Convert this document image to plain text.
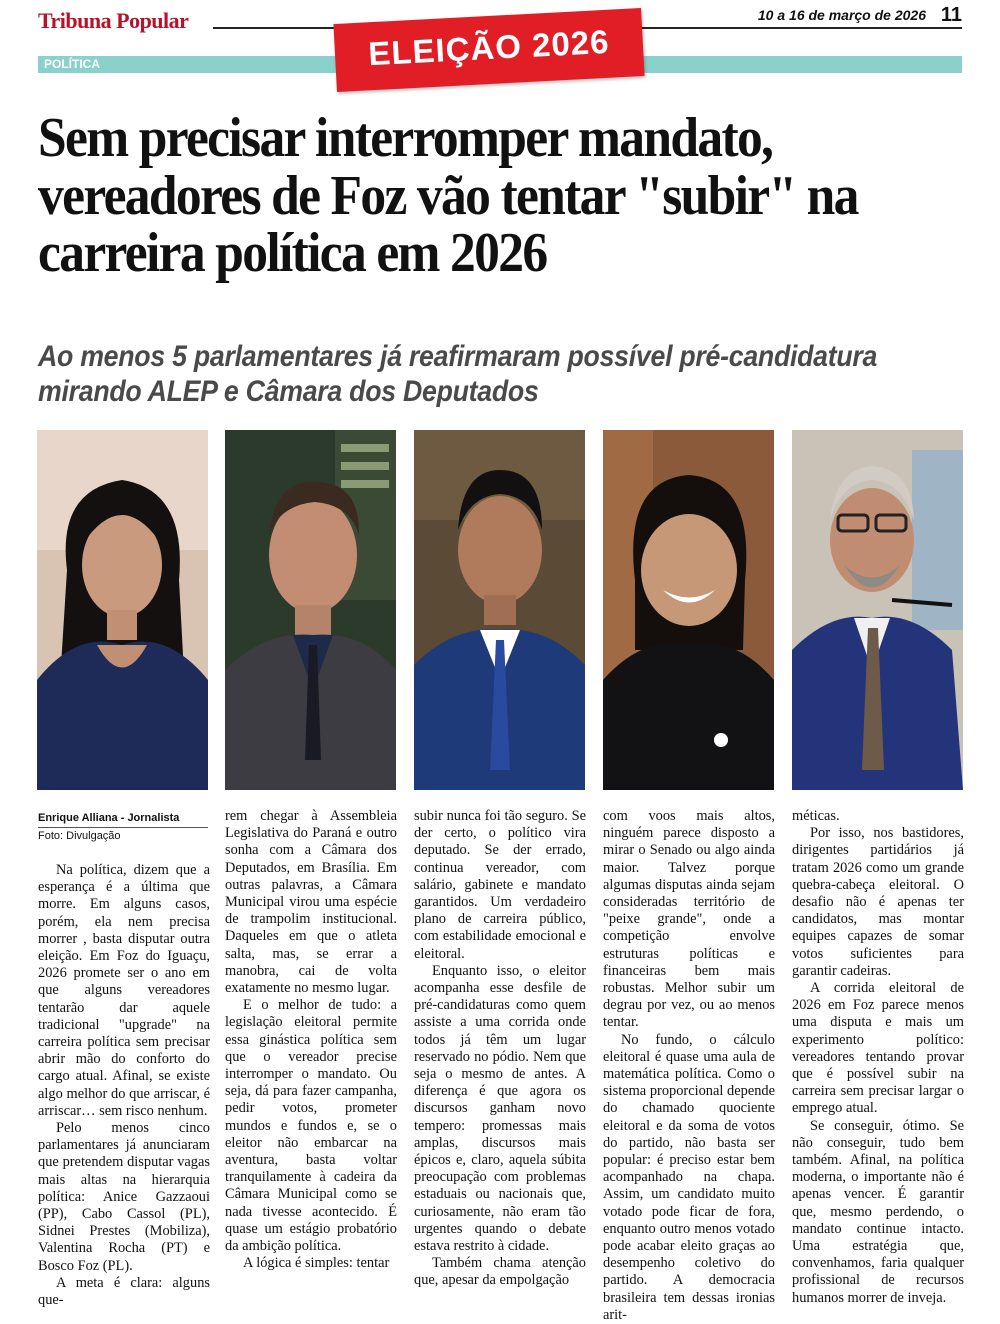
Tribuna Popular	10 a 16 de março de 2026 11
POLÍTICA	ELEIÇÃO 2026
Sem precisar interromper mandato, vereadores de Foz vão tentar "subir" na carreira política em 2026
Ao menos 5 parlamentares já reafirmaram possível pré-candidatura mirando ALEP e Câmara dos Deputados
Enrique Alliana - Jornalista
Foto: Divulgação

Na política, dizem que a esperança é a última que morre. Em alguns casos, porém, ela nem precisa morrer , basta disputar outra eleição. Em Foz do Iguaçu, 2026 promete ser o ano em que alguns vereadores tentarão dar aquele tradicional "upgrade" na carreira política sem precisar abrir mão do conforto do cargo atual. Afinal, se existe algo melhor do que arriscar, é arriscar… sem risco nenhum.

Pelo menos cinco parlamentares já anunciaram que pretendem disputar vagas mais altas na hierarquia política: Anice Gazzaoui (PP), Cabo Cassol (PL), Sidnei Prestes (Mobiliza), Valentina Rocha (PT) e Bosco Foz (PL).

A meta é clara: alguns que-

rem chegar à Assembleia Legislativa do Paraná e outro sonha com a Câmara dos Deputados, em Brasília. Em outras palavras, a Câmara Municipal virou uma espécie de trampolim institucional. Daqueles em que o atleta salta, mas, se errar a manobra, cai de volta exatamente no mesmo lugar.

E o melhor de tudo: a legislação eleitoral permite essa ginástica política sem que o vereador precise interromper o mandato. Ou seja, dá para fazer campanha, pedir votos, prometer mundos e fundos e, se o eleitor não embarcar na aventura, basta voltar tranquilamente à cadeira da Câmara Municipal como se nada tivesse acontecido. É quase um estágio probatório da ambição política.

A lógica é simples: tentar

subir nunca foi tão seguro. Se der certo, o político vira deputado. Se der errado, continua vereador, com salário, gabinete e mandato garantidos. Um verdadeiro plano de carreira público, com estabilidade emocional e eleitoral.

Enquanto isso, o eleitor acompanha esse desfile de pré-candidaturas como quem assiste a uma corrida onde todos já têm um lugar reservado no pódio. Nem que seja o mesmo de antes. A diferença é que agora os discursos ganham novo tempero: promessas mais amplas, discursos mais épicos e, claro, aquela súbita preocupação com problemas estaduais ou nacionais que, curiosamente, não eram tão urgentes quando o debate estava restrito à cidade.

Também chama atenção que, apesar da empolgação

com voos mais altos, ninguém parece disposto a mirar o Senado ou algo ainda maior. Talvez porque algumas disputas ainda sejam consideradas território de "peixe grande", onde a competição envolve estruturas políticas e financeiras bem mais robustas. Melhor subir um degrau por vez, ou ao menos tentar.

No fundo, o cálculo eleitoral é quase uma aula de matemática política. Como o sistema proporcional depende do chamado quociente eleitoral e da soma de votos do partido, não basta ser popular: é preciso estar bem acompanhado na chapa. Assim, um candidato muito votado pode ficar de fora, enquanto outro menos votado pode acabar eleito graças ao desempenho coletivo do partido. A democracia brasileira tem dessas ironias arit-

méticas.

Por isso, nos bastidores, dirigentes partidários já tratam 2026 como um grande quebra-cabeça eleitoral. O desafio não é apenas ter candidatos, mas montar equipes capazes de somar votos suficientes para garantir cadeiras.

A corrida eleitoral de 2026 em Foz parece menos uma disputa e mais um experimento político: vereadores tentando provar que é possível subir na carreira sem precisar largar o emprego atual.

Se conseguir, ótimo. Se não conseguir, tudo bem também. Afinal, na política moderna, o importante não é apenas vencer. É garantir que, mesmo perdendo, o mandato continue intacto. Uma estratégia que, convenhamos, faria qualquer profissional de recursos humanos morrer de inveja.
